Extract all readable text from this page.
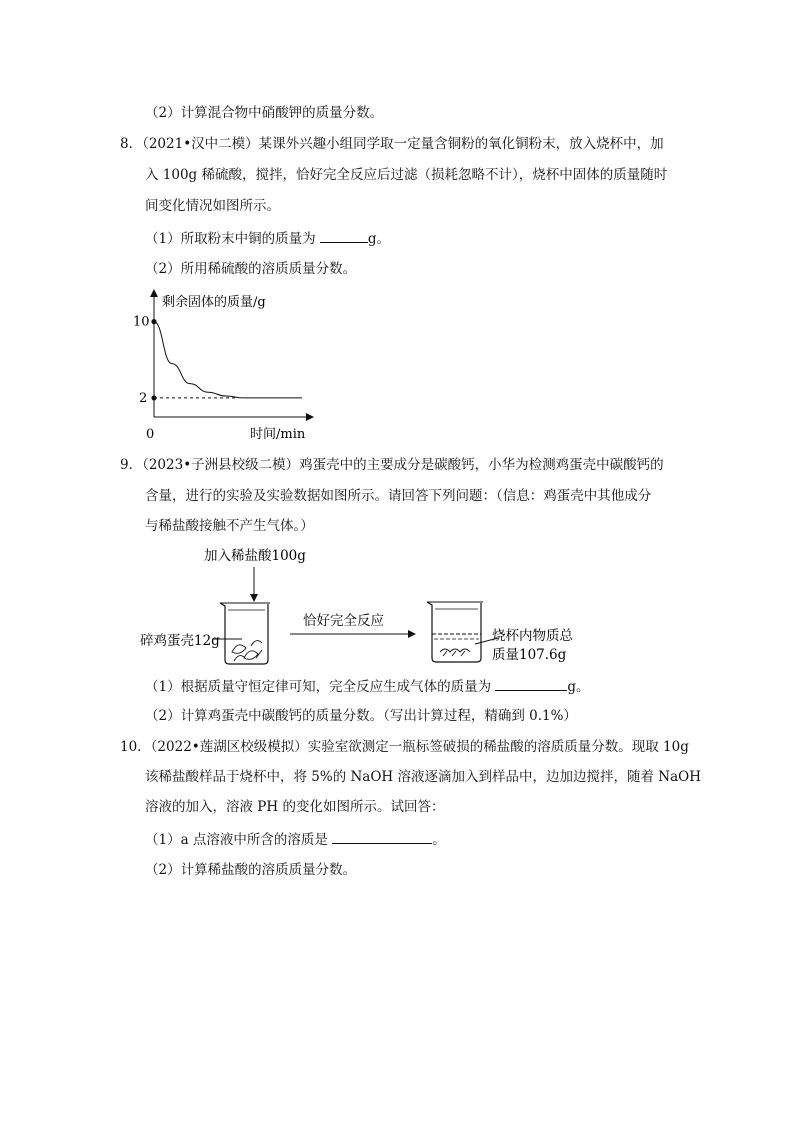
（2）计算混合物中硝酸钾的质量分数。
8．（2021•汉中二模）某课外兴趣小组同学取一定量含铜粉的氧化铜粉末，放入烧杯中，加
入 100g 稀硫酸，搅拌，恰好完全反应后过滤（损耗忽略不计），烧杯中固体的质量随时
间变化情况如图所示。
（1）所取粉末中铜的质量为	g。
（2）所用稀硫酸的溶质质量分数。
剩余固体的质量/g
时间/min
0
10
2
9．（2023•子洲县校级二模）鸡蛋壳中的主要成分是碳酸钙，小华为检测鸡蛋壳中碳酸钙的
含量，进行的实验及实验数据如图所示。请回答下列问题：（信息：鸡蛋壳中其他成分
与稀盐酸接触不产生气体。）
加入稀盐酸100g
碎鸡蛋壳12g
恰好完全反应
烧杯内物质总
质量107.6g
（1）根据质量守恒定律可知，完全反应生成气体的质量为	g。
（2）计算鸡蛋壳中碳酸钙的质量分数。（写出计算过程，精确到 0.1%）
10．（2022•莲湖区校级模拟）实验室欲测定一瓶标签破损的稀盐酸的溶质质量分数。现取 10g
该稀盐酸样品于烧杯中，将 5%的 NaOH 溶液逐滴加入到样品中，边加边搅拌，随着 NaOH
溶液的加入，溶液 PH 的变化如图所示。试回答：
（1）a 点溶液中所含的溶质是	。
（2）计算稀盐酸的溶质质量分数。
